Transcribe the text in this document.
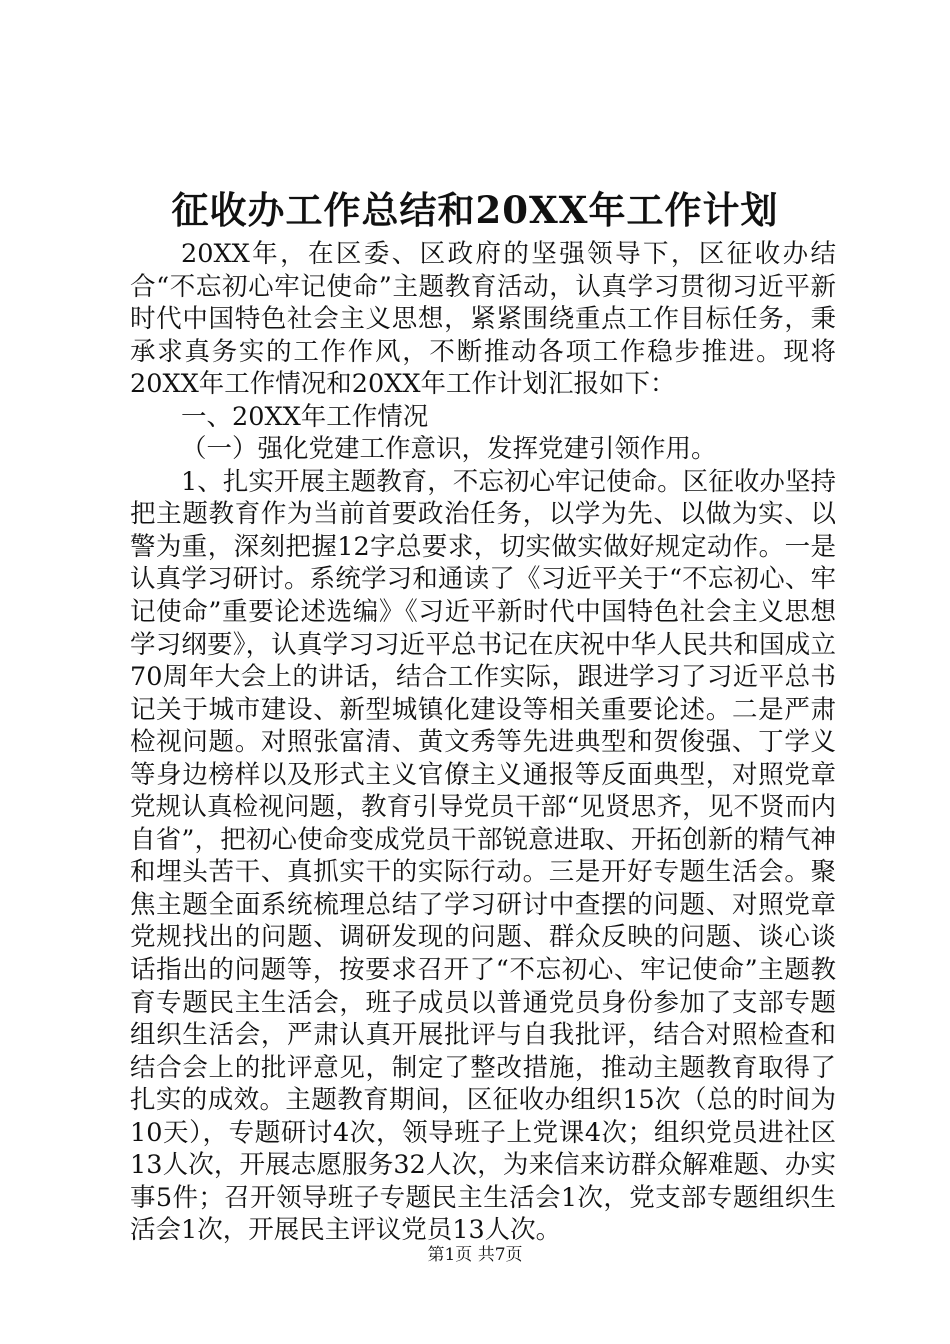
征收办工作总结和20XX年工作计划

20XX年，在区委、区政府的坚强领导下，区征收办结合“不忘初心牢记使命”主题教育活动，认真学习贯彻习近平新时代中国特色社会主义思想，紧紧围绕重点工作目标任务，秉承求真务实的工作作风，不断推动各项工作稳步推进。现将20XX年工作情况和20XX年工作计划汇报如下：

一、20XX年工作情况

（一）强化党建工作意识，发挥党建引领作用。

1、扎实开展主题教育，不忘初心牢记使命。区征收办坚持把主题教育作为当前首要政治任务，以学为先、以做为实、以警为重，深刻把握12字总要求，切实做实做好规定动作。一是认真学习研讨。系统学习和通读了《习近平关于“不忘初心、牢记使命”重要论述选编》《习近平新时代中国特色社会主义思想学习纲要》，认真学习习近平总书记在庆祝中华人民共和国成立70周年大会上的讲话，结合工作实际，跟进学习了习近平总书记关于城市建设、新型城镇化建设等相关重要论述。二是严肃检视问题。对照张富清、黄文秀等先进典型和贺俊强、丁学义等身边榜样以及形式主义官僚主义通报等反面典型，对照党章党规认真检视问题，教育引导党员干部“见贤思齐，见不贤而内自省”，把初心使命变成党员干部锐意进取、开拓创新的精气神和埋头苦干、真抓实干的实际行动。三是开好专题生活会。聚焦主题全面系统梳理总结了学习研讨中查摆的问题、对照党章党规找出的问题、调研发现的问题、群众反映的问题、谈心谈话指出的问题等，按要求召开了“不忘初心、牢记使命”主题教育专题民主生活会，班子成员以普通党员身份参加了支部专题组织生活会，严肃认真开展批评与自我批评，结合对照检查和结合会上的批评意见，制定了整改措施，推动主题教育取得了扎实的成效。主题教育期间，区征收办组织15次（总的时间为10天），专题研讨4次，领导班子上党课4次；组织党员进社区13人次，开展志愿服务32人次，为来信来访群众解难题、办实事5件；召开领导班子专题民主生活会1次，党支部专题组织生活会1次，开展民主评议党员13人次。

第1页 共7页
